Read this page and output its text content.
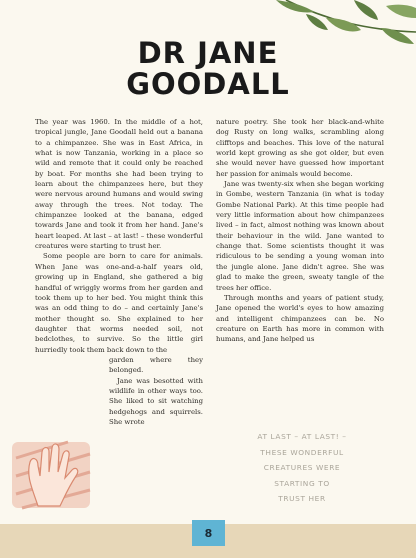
DR JANE
GOODALL

The year was 1960. In the middle of a hot, tropical jungle, Jane Goodall held out a banana to a chimpanzee. She was in East Africa, in what is now Tanzania, working in a place so wild and remote that it could only be reached by boat. For months she had been trying to learn about the chimpanzees here, but they were nervous around humans and would swing away through the trees. Not today. The chimpanzee looked at the banana, edged towards Jane and took it from her hand. Jane's heart leaped. At last – at last! – these wonderful creatures were starting to trust her.

Some people are born to care for animals. When Jane was one-and-a-half years old, growing up in England, she gathered a big handful of wriggly worms from her garden and took them up to her bed. You might think this was an odd thing to do – and certainly Jane's mother thought so. She explained to her daughter that worms needed soil, not bedclothes, to survive. So the little girl hurriedly took them back down to the

garden where they belonged.

Jane was besotted with wildlife in other ways too. She liked to sit watching hedgehogs and squirrels. She wrote

nature poetry. She took her black-and-white dog Rusty on long walks, scrambling along clifftops and beaches. This love of the natural world kept growing as she got older, but even she would never have guessed how important her passion for animals would become.

Jane was twenty-six when she began working in Gombe, western Tanzania (in what is today Gombe National Park). At this time people had very little information about how chimpanzees lived – in fact, almost nothing was known about their behaviour in the wild. Jane wanted to change that. Some scientists thought it was ridiculous to be sending a young woman into the jungle alone. Jane didn't agree. She was glad to make the green, sweaty tangle of the trees her office.

Through months and years of patient study, Jane opened the world's eyes to how amazing and intelligent chimpanzees can be. No creature on Earth has more in common with humans, and Jane helped us

AT LAST – AT LAST! –
THESE WONDERFUL
CREATURES WERE
STARTING TO
TRUST HER
8
